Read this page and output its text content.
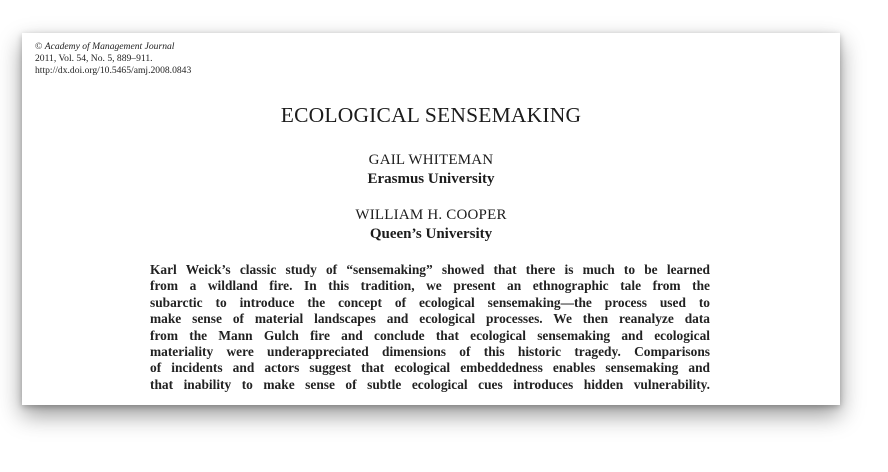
© Academy of Management Journal
2011, Vol. 54, No. 5, 889–911.
http://dx.doi.org/10.5465/amj.2008.0843
ECOLOGICAL SENSEMAKING
GAIL WHITEMAN
Erasmus University
WILLIAM H. COOPER
Queen’s University
Karl Weick’s classic study of “sensemaking” showed that there is much to be learned
from a wildland fire. In this tradition, we present an ethnographic tale from the
subarctic to introduce the concept of ecological sensemaking—the process used to
make sense of material landscapes and ecological processes. We then reanalyze data
from the Mann Gulch fire and conclude that ecological sensemaking and ecological
materiality were underappreciated dimensions of this historic tragedy. Comparisons
of incidents and actors suggest that ecological embeddedness enables sensemaking and
that inability to make sense of subtle ecological cues introduces hidden vulnerability.
